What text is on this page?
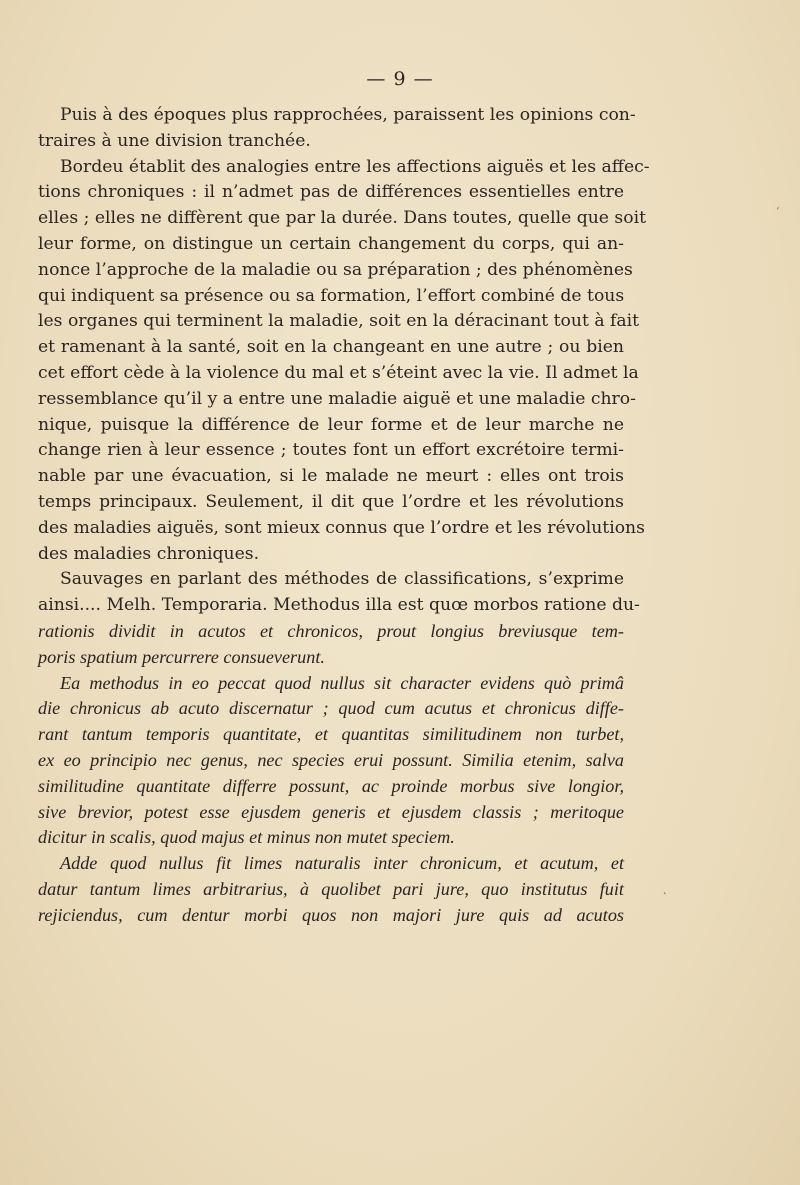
— 9 —
Puis à des époques plus rapprochées, paraissent les opinions con-
traires à une division tranchée.
Bordeu établit des analogies entre les affections aiguës et les affec-
tions chroniques : il n’admet pas de différences essentielles entre
elles ; elles ne diffèrent que par la durée. Dans toutes, quelle que soit
leur forme, on distingue un certain changement du corps, qui an-
nonce l’approche de la maladie ou sa préparation ; des phénomènes
qui indiquent sa présence ou sa formation, l’effort combiné de tous
les organes qui terminent la maladie, soit en la déracinant tout à fait
et ramenant à la santé, soit en la changeant en une autre ; ou bien
cet effort cède à la violence du mal et s’éteint avec la vie. Il admet la
ressemblance qu’il y a entre une maladie aiguë et une maladie chro-
nique, puisque la différence de leur forme et de leur marche ne
change rien à leur essence ; toutes font un effort excrétoire termi-
nable par une évacuation, si le malade ne meurt : elles ont trois
temps principaux. Seulement, il dit que l’ordre et les révolutions
des maladies aiguës, sont mieux connus que l’ordre et les révolutions
des maladies chroniques.
Sauvages en parlant des méthodes de classifications, s’exprime
ainsi.... Melh. Temporaria. Methodus illa est quœ morbos ratione du-
rationis dividit in acutos et chronicos, prout longius breviusque tem-
poris spatium percurrere consueverunt.
Ea methodus in eo peccat quod nullus sit character evidens quò primâ
die chronicus ab acuto discernatur ; quod cum acutus et chronicus diffe-
rant tantum temporis quantitate, et quantitas similitudinem non turbet,
ex eo principio nec genus, nec species erui possunt. Similia etenim, salva
similitudine quantitate differre possunt, ac proinde morbus sive longior,
sive brevior, potest esse ejusdem generis et ejusdem classis ; meritoque
dicitur in scalis, quod majus et minus non mutet speciem.
Adde quod nullus fit limes naturalis inter chronicum, et acutum, et
datur tantum limes arbitrarius, à quolibet pari jure, quo institutus fuit
rejiciendus, cum dentur morbi quos non majori jure quis ad acutos
ʻ
˛
